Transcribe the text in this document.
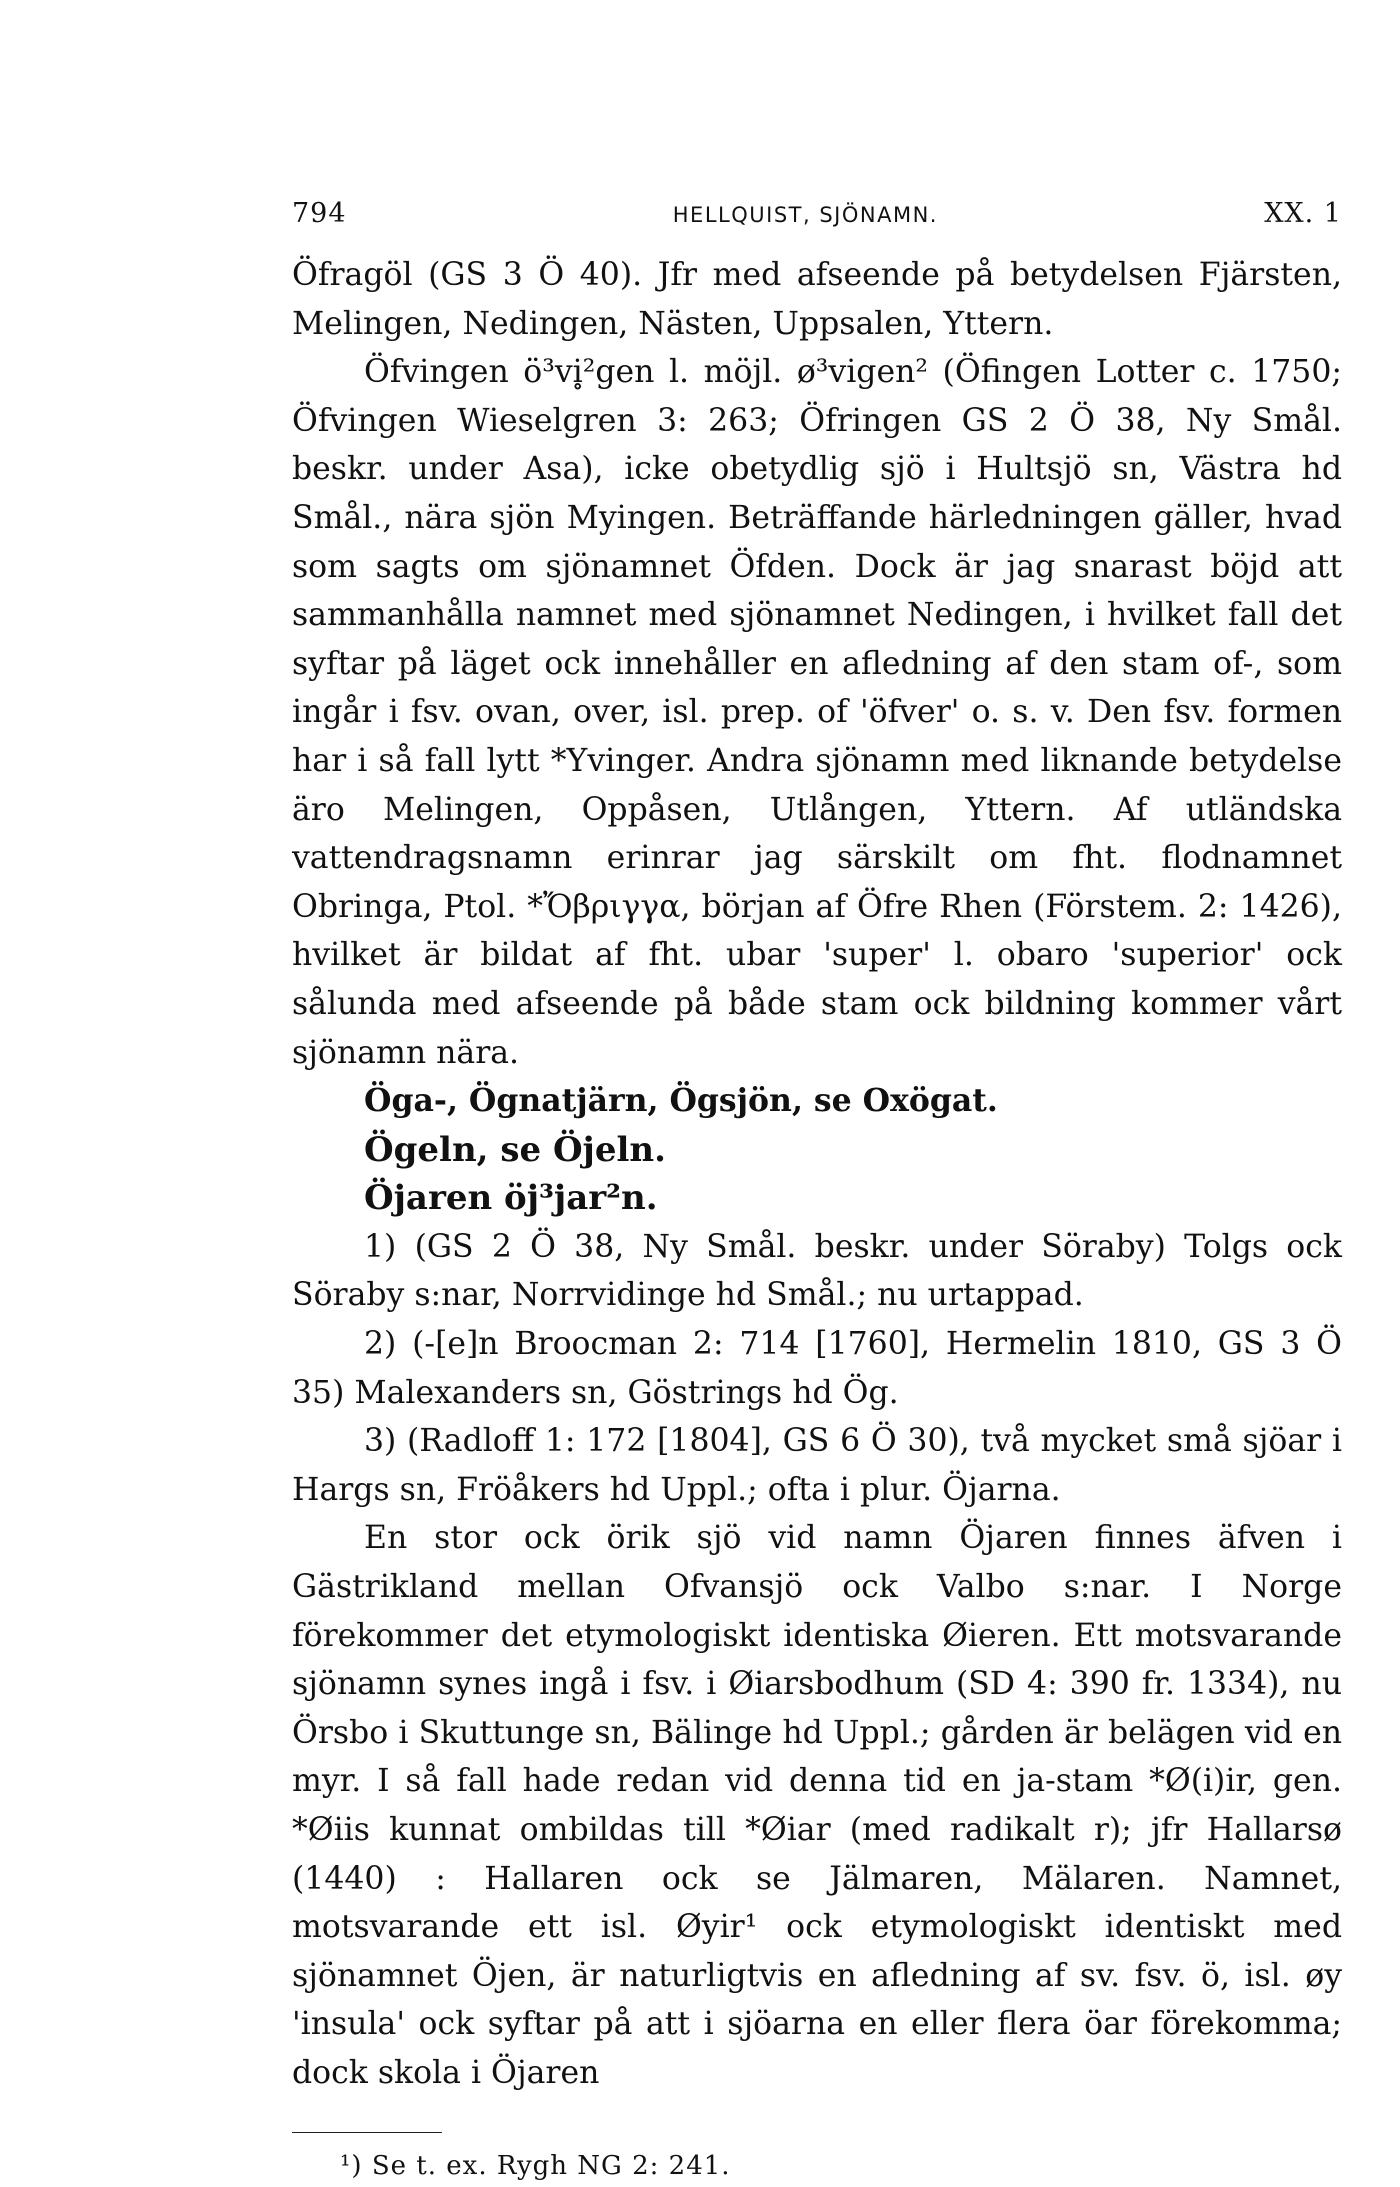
794	HELLQUIST, SJÖNAMN.	XX. 1

Öfragöl (GS 3 Ö 40). Jfr med afseende på betydelsen Fjärsten, Melingen, Nedingen, Nästen, Uppsalen, Yttern.

Öfvingen ö³vi̥²gen l. möjl. ø³vigen² (Öfingen Lotter c. 1750; Öfvingen Wieselgren 3: 263; Öfringen GS 2 Ö 38, Ny Smål. beskr. under Asa), icke obetydlig sjö i Hultsjö sn, Västra hd Smål., nära sjön Myingen. Beträffande härledningen gäller, hvad som sagts om sjönamnet Öfden. Dock är jag snarast böjd att sammanhålla namnet med sjönamnet Nedingen, i hvilket fall det syftar på läget ock innehåller en afledning af den stam of-, som ingår i fsv. ovan, over, isl. prep. of 'öfver' o. s. v. Den fsv. formen har i så fall lytt *Yvinger. Andra sjönamn med liknande betydelse äro Melingen, Oppåsen, Utlången, Yttern. Af utländska vattendragsnamn erinrar jag särskilt om fht. flodnamnet Obringa, Ptol. *Ὄβριγγα, början af Öfre Rhen (Förstem. 2: 1426), hvilket är bildat af fht. ubar 'super' l. obaro 'superior' ock sålunda med afseende på både stam ock bildning kommer vårt sjönamn nära.

Öga-, Ögnatjärn, Ögsjön, se Oxögat.

Ögeln, se Öjeln.

Öjaren öj³jar²n.

1) (GS 2 Ö 38, Ny Smål. beskr. under Söraby) Tolgs ock Söraby s:nar, Norrvidinge hd Smål.; nu urtappad.

2) (-[e]n Broocman 2: 714 [1760], Hermelin 1810, GS 3 Ö 35) Malexanders sn, Göstrings hd Ög.

3) (Radloff 1: 172 [1804], GS 6 Ö 30), två mycket små sjöar i Hargs sn, Fröåkers hd Uppl.; ofta i plur. Öjarna.

En stor ock örik sjö vid namn Öjaren finnes äfven i Gästrikland mellan Ofvansjö ock Valbo s:nar. I Norge förekommer det etymologiskt identiska Øieren. Ett motsvarande sjönamn synes ingå i fsv. i Øiarsbodhum (SD 4: 390 fr. 1334), nu Örsbo i Skuttunge sn, Bälinge hd Uppl.; gården är belägen vid en myr. I så fall hade redan vid denna tid en ja-stam *Ø(i)ir, gen. *Øiis kunnat ombildas till *Øiar (med radikalt r); jfr Hallarsø (1440) : Hallaren ock se Jälmaren, Mälaren. Namnet, motsvarande ett isl. Øyir¹ ock etymologiskt identiskt med sjönamnet Öjen, är naturligtvis en afledning af sv. fsv. ö, isl. øy 'insula' ock syftar på att i sjöarna en eller flera öar förekomma; dock skola i Öjaren

¹) Se t. ex. Rygh NG 2: 241.
